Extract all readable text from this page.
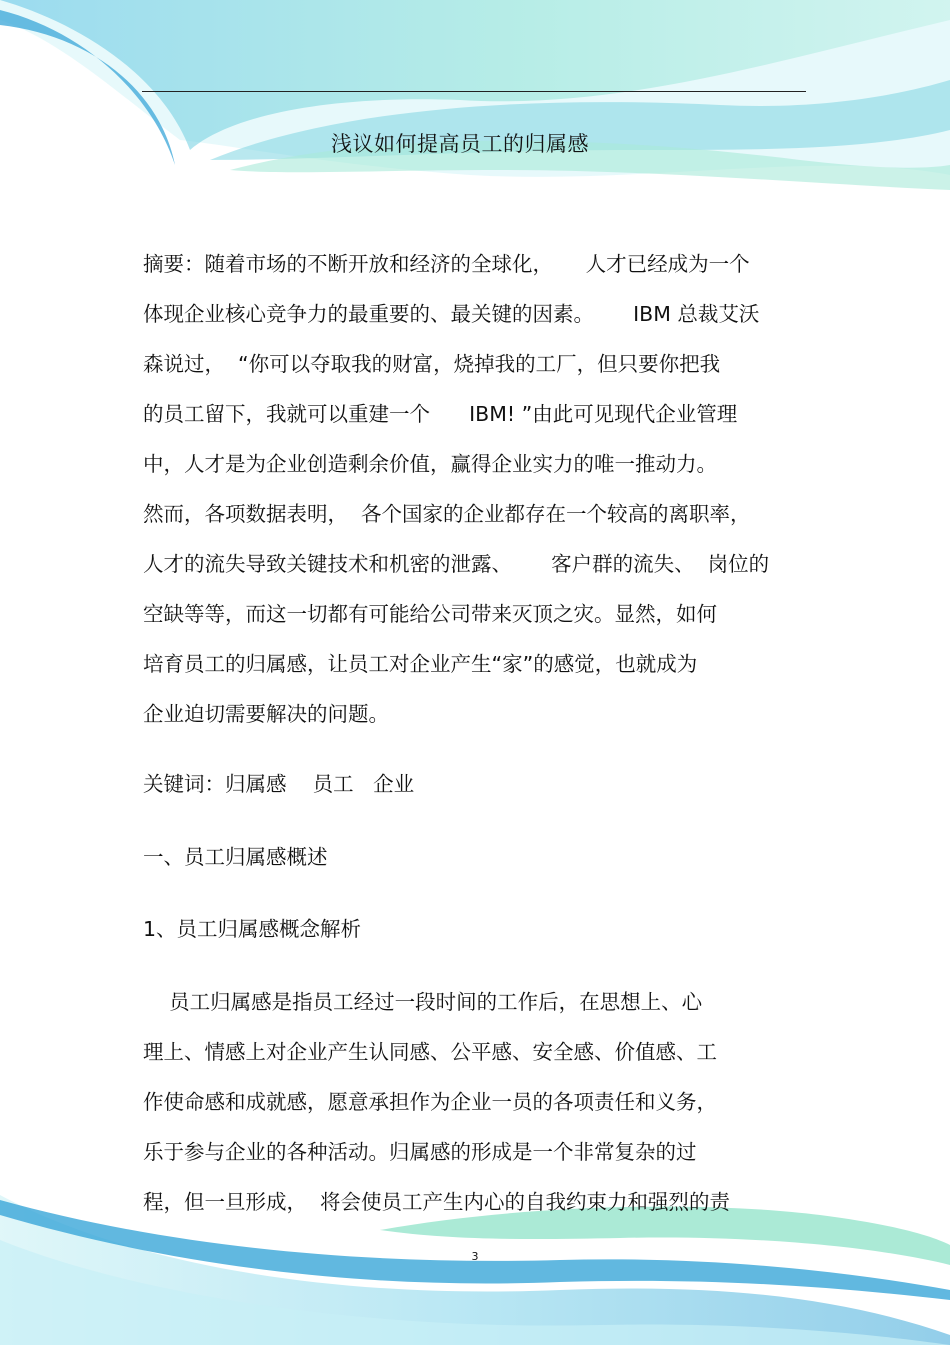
浅议如何提高员工的归属感
摘要：随着市场的不断开放和经济的全球化，     人才已经成为一个
体现企业核心竞争力的最重要的、最关键的因素。      IBM 总裁艾沃
森说过，  “你可以夺取我的财富，烧掉我的工厂，但只要你把我
的员工留下，我就可以重建一个      IBM! ”由此可见现代企业管理
中，人才是为企业创造剩余价值，赢得企业实力的唯一推动力。
然而，各项数据表明，  各个国家的企业都存在一个较高的离职率，
人才的流失导致关键技术和机密的泄露、      客户群的流失、  岗位的
空缺等等，而这一切都有可能给公司带来灭顶之灾。显然，如何
培育员工的归属感，让员工对企业产生“家”的感觉，也就成为
企业迫切需要解决的问题。
关键词：归属感    员工   企业
一、员工归属感概述
1、员工归属感概念解析
员工归属感是指员工经过一段时间的工作后，在思想上、心
理上、情感上对企业产生认同感、公平感、安全感、价值感、工
作使命感和成就感，愿意承担作为企业一员的各项责任和义务，
乐于参与企业的各种活动。归属感的形成是一个非常复杂的过
程，但一旦形成，  将会使员工产生内心的自我约束力和强烈的责
3
